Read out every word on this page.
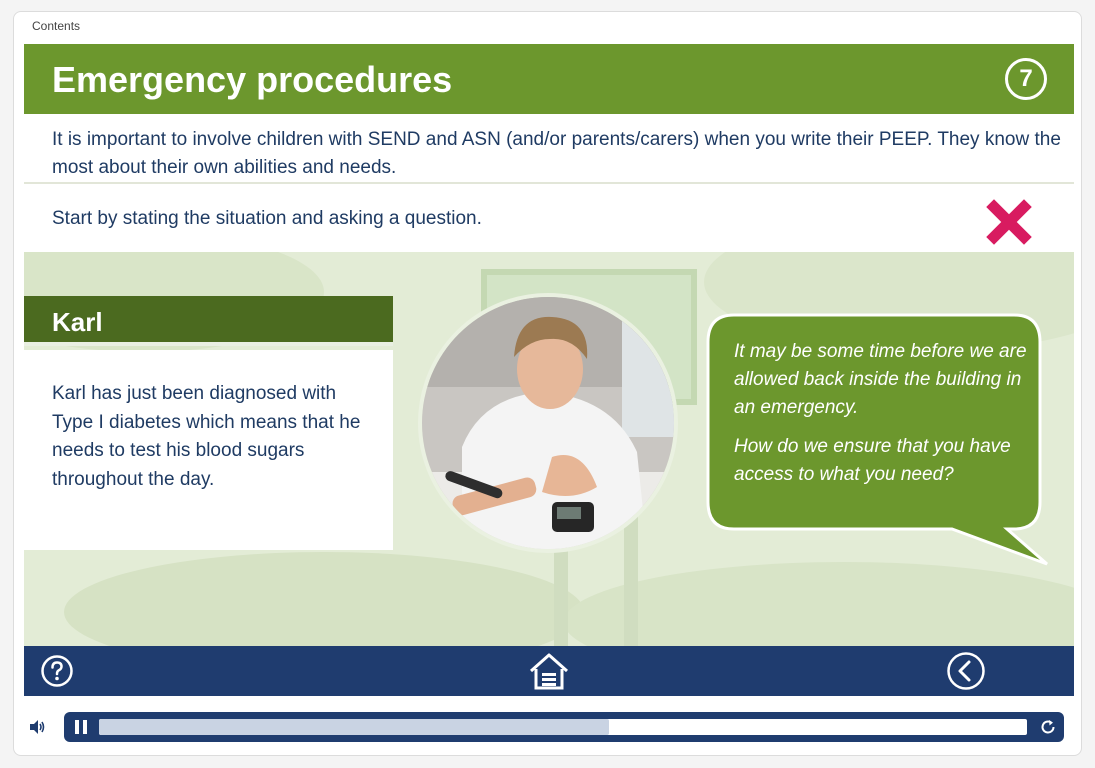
Contents
Emergency procedures	7

It is important to involve children with SEND and ASN (and/or parents/carers) when you write their PEEP. They know the most about their own abilities and needs.

Start by stating the situation and asking a question.

Karl

Karl has just been diagnosed with Type I diabetes which means that he needs to test his blood sugars throughout the day.

It may be some time before we are allowed back inside the building in an emergency.

How do we ensure that you have access to what you need?
